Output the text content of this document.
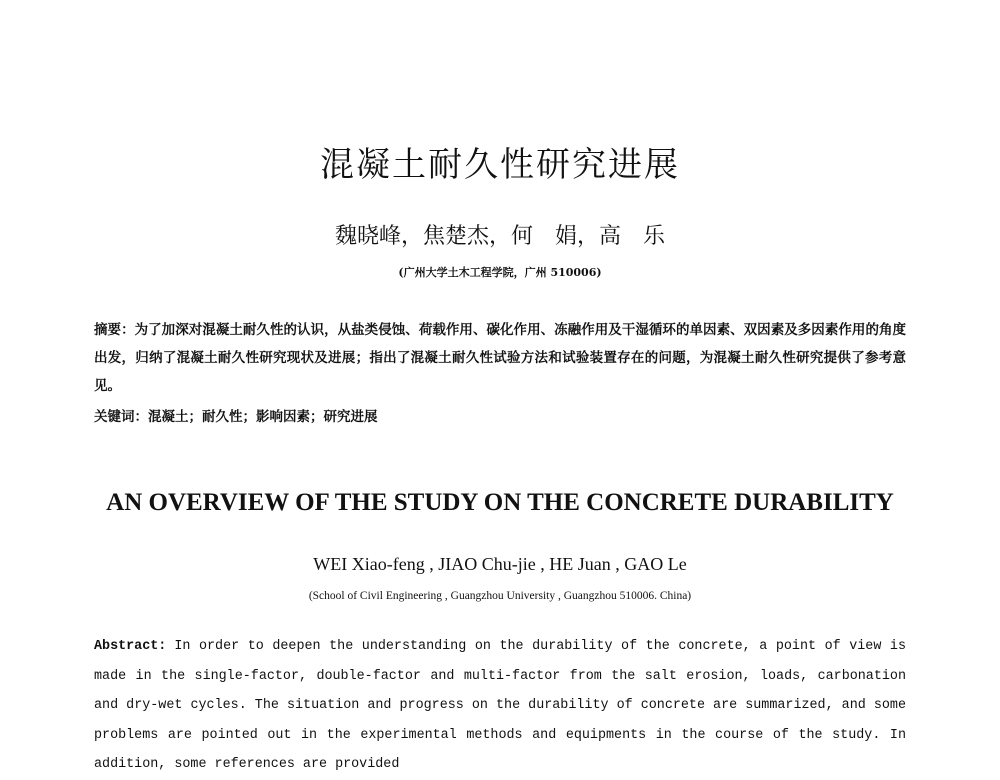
混凝土耐久性研究进展
魏晓峰，焦楚杰，何　娟，高　乐
(广州大学土木工程学院，广州 510006)
摘要：为了加深对混凝土耐久性的认识，从盐类侵蚀、荷载作用、碳化作用、冻融作用及干湿循环的单因素、双因素及多因素作用的角度出发，归纳了混凝土耐久性研究现状及进展；指出了混凝土耐久性试验方法和试验装置存在的问题，为混凝土耐久性研究提供了参考意见。
关键词：混凝土；耐久性；影响因素；研究进展
AN OVERVIEW OF THE STUDY ON THE CONCRETE DURABILITY
WEI Xiao-feng , JIAO Chu-jie , HE Juan , GAO Le
(School of Civil Engineering , Guangzhou University , Guangzhou 510006. China)
Abstract: In order to deepen the understanding on the durability of the concrete, a point of view is made in the single-factor, double-factor and multi-factor from the salt erosion, loads, carbonation and dry-wet cycles. The situation and progress on the durability of concrete are summarized, and some problems are pointed out in the experimental methods and equipments in the course of the study. In addition, some references are provided
